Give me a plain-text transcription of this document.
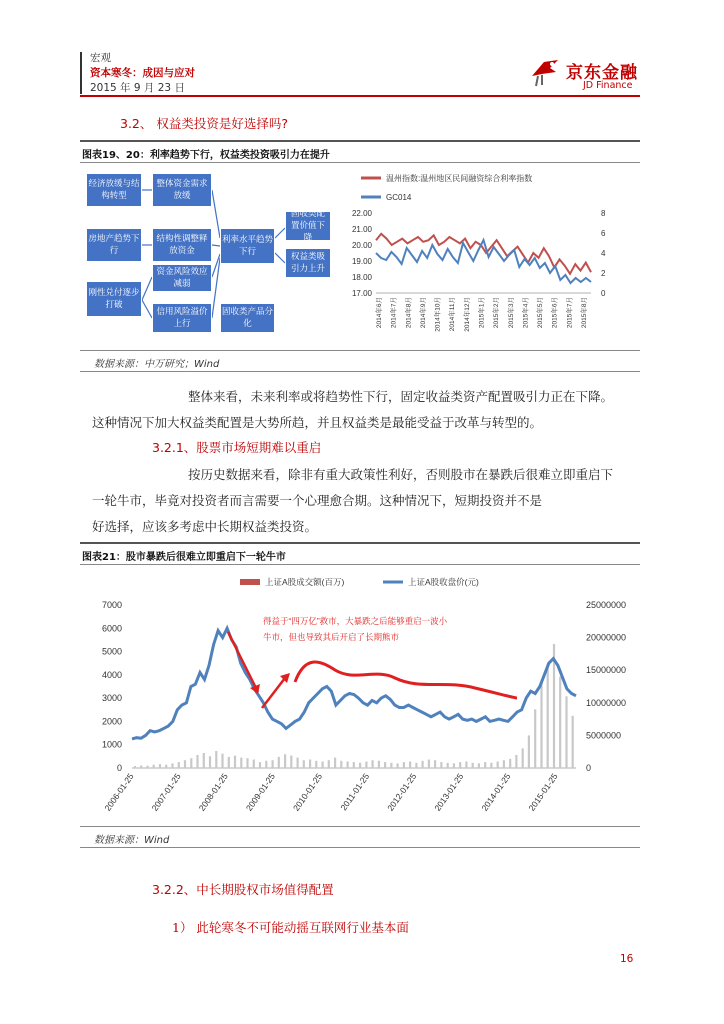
宏观
资本寒冬：成因与应对
2015 年 9 月 23 日
京东金融
JD Finance
3.2、 权益类投资是好选择吗?
图表19、20：利率趋势下行，权益类投资吸引力在提升
经济放缓与结构转型
整体资金需求放缓
房地产趋势下行
结构性调整释放资金
刚性兑付逐步打破
资金风险效应减弱
信用风险溢价上行
利率水平趋势下行
固收类配置价值下降
权益类吸引力上升
固收类产品分化
温州指数:温州地区民间融资综合利率指数
GC014
17.00
18.00
19.00
20.00
21.00
22.00
0
2
4
6
8
2014年6月	2014年7月	2014年8月	2014年9月	2014年10月	2014年11月	2014年12月	2015年1月	2015年2月	2015年3月	2015年4月	2015年5月	2015年6月	2015年7月	2015年8月
数据来源：中万研究；Wind
整体来看，未来利率或将趋势性下行，固定收益类资产配置吸引力正在下降。
这种情况下加大权益类配置是大势所趋，并且权益类是最能受益于改革与转型的。
3.2.1、股票市场短期难以重启
按历史数据来看，除非有重大政策性利好，否则股市在暴跌后很难立即重启下
一轮牛市，毕竟对投资者而言需要一个心理愈合期。这种情况下，短期投资并不是
好选择，应该多考虑中长期权益类投资。
图表21：股市暴跌后很难立即重启下一轮牛市
上证A股成交额(百万)	上证A股收盘价(元)
0
1000
2000
3000
4000
5000
6000
7000
0
5000000
10000000
15000000
20000000
25000000
2006-01-25 2007-01-25 2008-01-25 2009-01-25 2010-01-25 2011-01-25 2012-01-25 2013-01-25 2014-01-25 2015-01-25
得益于“四万亿”救市，大暴跌之后能够重启一波小
牛市，但也导致其后开启了长期熊市
数据来源：Wind
3.2.2、中长期股权市场值得配置
1） 此轮寒冬不可能动摇互联网行业基本面
16
